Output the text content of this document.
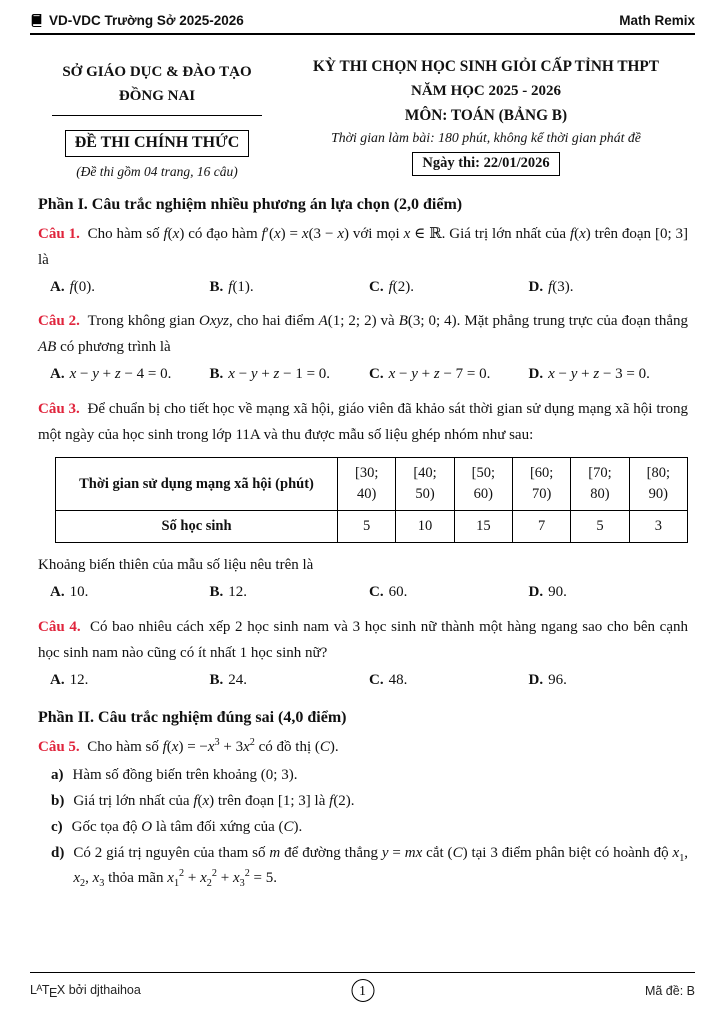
VD-VDC Trường Sở 2025-2026	Math Remix
SỞ GIÁO DỤC & ĐÀO TẠO
ĐỒNG NAI
ĐỀ THI CHÍNH THỨC
(Đề thi gồm 04 trang, 16 câu)
KỲ THI CHỌN HỌC SINH GIỎI CẤP TỈNH THPT
NĂM HỌC 2025 - 2026
MÔN: TOÁN (BẢNG B)
Thời gian làm bài: 180 phút, không kể thời gian phát đề
Ngày thi: 22/01/2026
Phần I. Câu trắc nghiệm nhiều phương án lựa chọn (2,0 điểm)
Câu 1. Cho hàm số f(x) có đạo hàm f′(x) = x(3 − x) với mọi x ∈ ℝ. Giá trị lớn nhất của f(x) trên đoạn [0; 3] là
A. f(0).	B. f(1).	C. f(2).	D. f(3).
Câu 2. Trong không gian Oxyz, cho hai điểm A(1; 2; 2) và B(3; 0; 4). Mặt phẳng trung trực của đoạn thẳng AB có phương trình là
A. x − y + z − 4 = 0.	B. x − y + z − 1 = 0.	C. x − y + z − 7 = 0.	D. x − y + z − 3 = 0.
Câu 3. Để chuẩn bị cho tiết học về mạng xã hội, giáo viên đã khảo sát thời gian sử dụng mạng xã hội trong một ngày của học sinh trong lớp 11A và thu được mẫu số liệu ghép nhóm như sau:
Thời gian sử dụng mạng xã hội (phút)	[30; 40)	[40; 50)	[50; 60)	[60; 70)	[70; 80)	[80; 90)
Số học sinh	5	10	15	7	5	3
Khoảng biến thiên của mẫu số liệu nêu trên là
A. 10.	B. 12.	C. 60.	D. 90.
Câu 4. Có bao nhiêu cách xếp 2 học sinh nam và 3 học sinh nữ thành một hàng ngang sao cho bên cạnh học sinh nam nào cũng có ít nhất 1 học sinh nữ?
A. 12.	B. 24.	C. 48.	D. 96.
Phần II. Câu trắc nghiệm đúng sai (4,0 điểm)
Câu 5. Cho hàm số $f(x) = -x^3 + 3x^2$ có đồ thị (C).
a) Hàm số đồng biến trên khoảng (0; 3).
b) Giá trị lớn nhất của f(x) trên đoạn [1; 3] là f(2).
c) Gốc tọa độ O là tâm đối xứng của (C).
d) Có 2 giá trị nguyên của tham số m để đường thẳng y = mx cắt (C) tại 3 điểm phân biệt có hoành độ $x_1$, $x_2$, $x_3$ thỏa mãn $x_1^2 + x_2^2 + x_3^2 = 5$.
$L^ATEX$ bởi djthaihoa	1	Mã đề: B
